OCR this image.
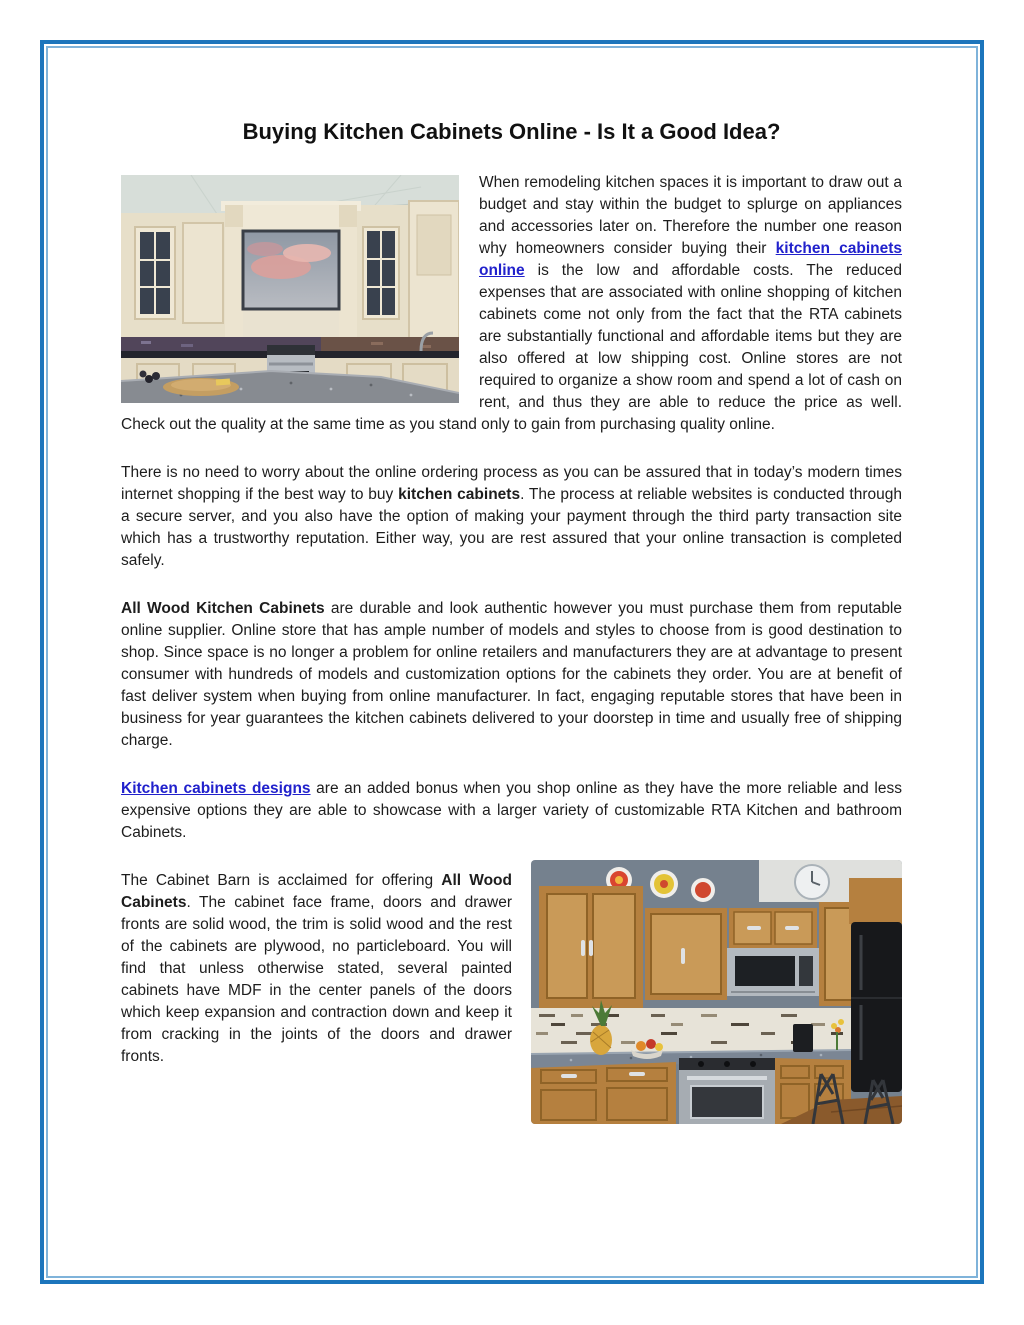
Buying Kitchen Cabinets Online - Is It a Good Idea?

When remodeling kitchen spaces it is important to draw out a budget and stay within the budget to splurge on appliances and accessories later on. Therefore the number one reason why homeowners consider buying their kitchen cabinets online is the low and affordable costs. The reduced expenses that are associated with online shopping of kitchen cabinets come not only from the fact that the RTA cabinets are substantially functional and affordable items but they are also offered at low shipping cost. Online stores are not required to organize a show room and spend a lot of cash on rent, and thus they are able to reduce the price as well. Check out the quality at the same time as you stand only to gain from purchasing quality online.

There is no need to worry about the online ordering process as you can be assured that in today’s modern times internet shopping if the best way to buy kitchen cabinets. The process at reliable websites is conducted through a secure server, and you also have the option of making your payment through the third party transaction site which has a trustworthy reputation. Either way, you are rest assured that your online transaction is completed safely.

All Wood Kitchen Cabinets are durable and look authentic however you must purchase them from reputable online supplier. Online store that has ample number of models and styles to choose from is good destination to shop. Since space is no longer a problem for online retailers and manufacturers they are at advantage to present consumer with hundreds of models and customization options for the cabinets they order. You are at benefit of fast deliver system when buying from online manufacturer. In fact, engaging reputable stores that have been in business for year guarantees the kitchen cabinets delivered to your doorstep in time and usually free of shipping charge.

Kitchen cabinets designs are an added bonus when you shop online as they have the more reliable and less expensive options they are able to showcase with a larger variety of customizable RTA Kitchen and bathroom Cabinets.

The Cabinet Barn is acclaimed for offering All Wood Cabinets. The cabinet face frame, doors and drawer fronts are solid wood, the trim is solid wood and the rest of the cabinets are plywood, no particleboard. You will find that unless otherwise stated, several painted cabinets have MDF in the center panels of the doors which keep expansion and contraction down and keep it from cracking in the joints of the doors and drawer fronts.
